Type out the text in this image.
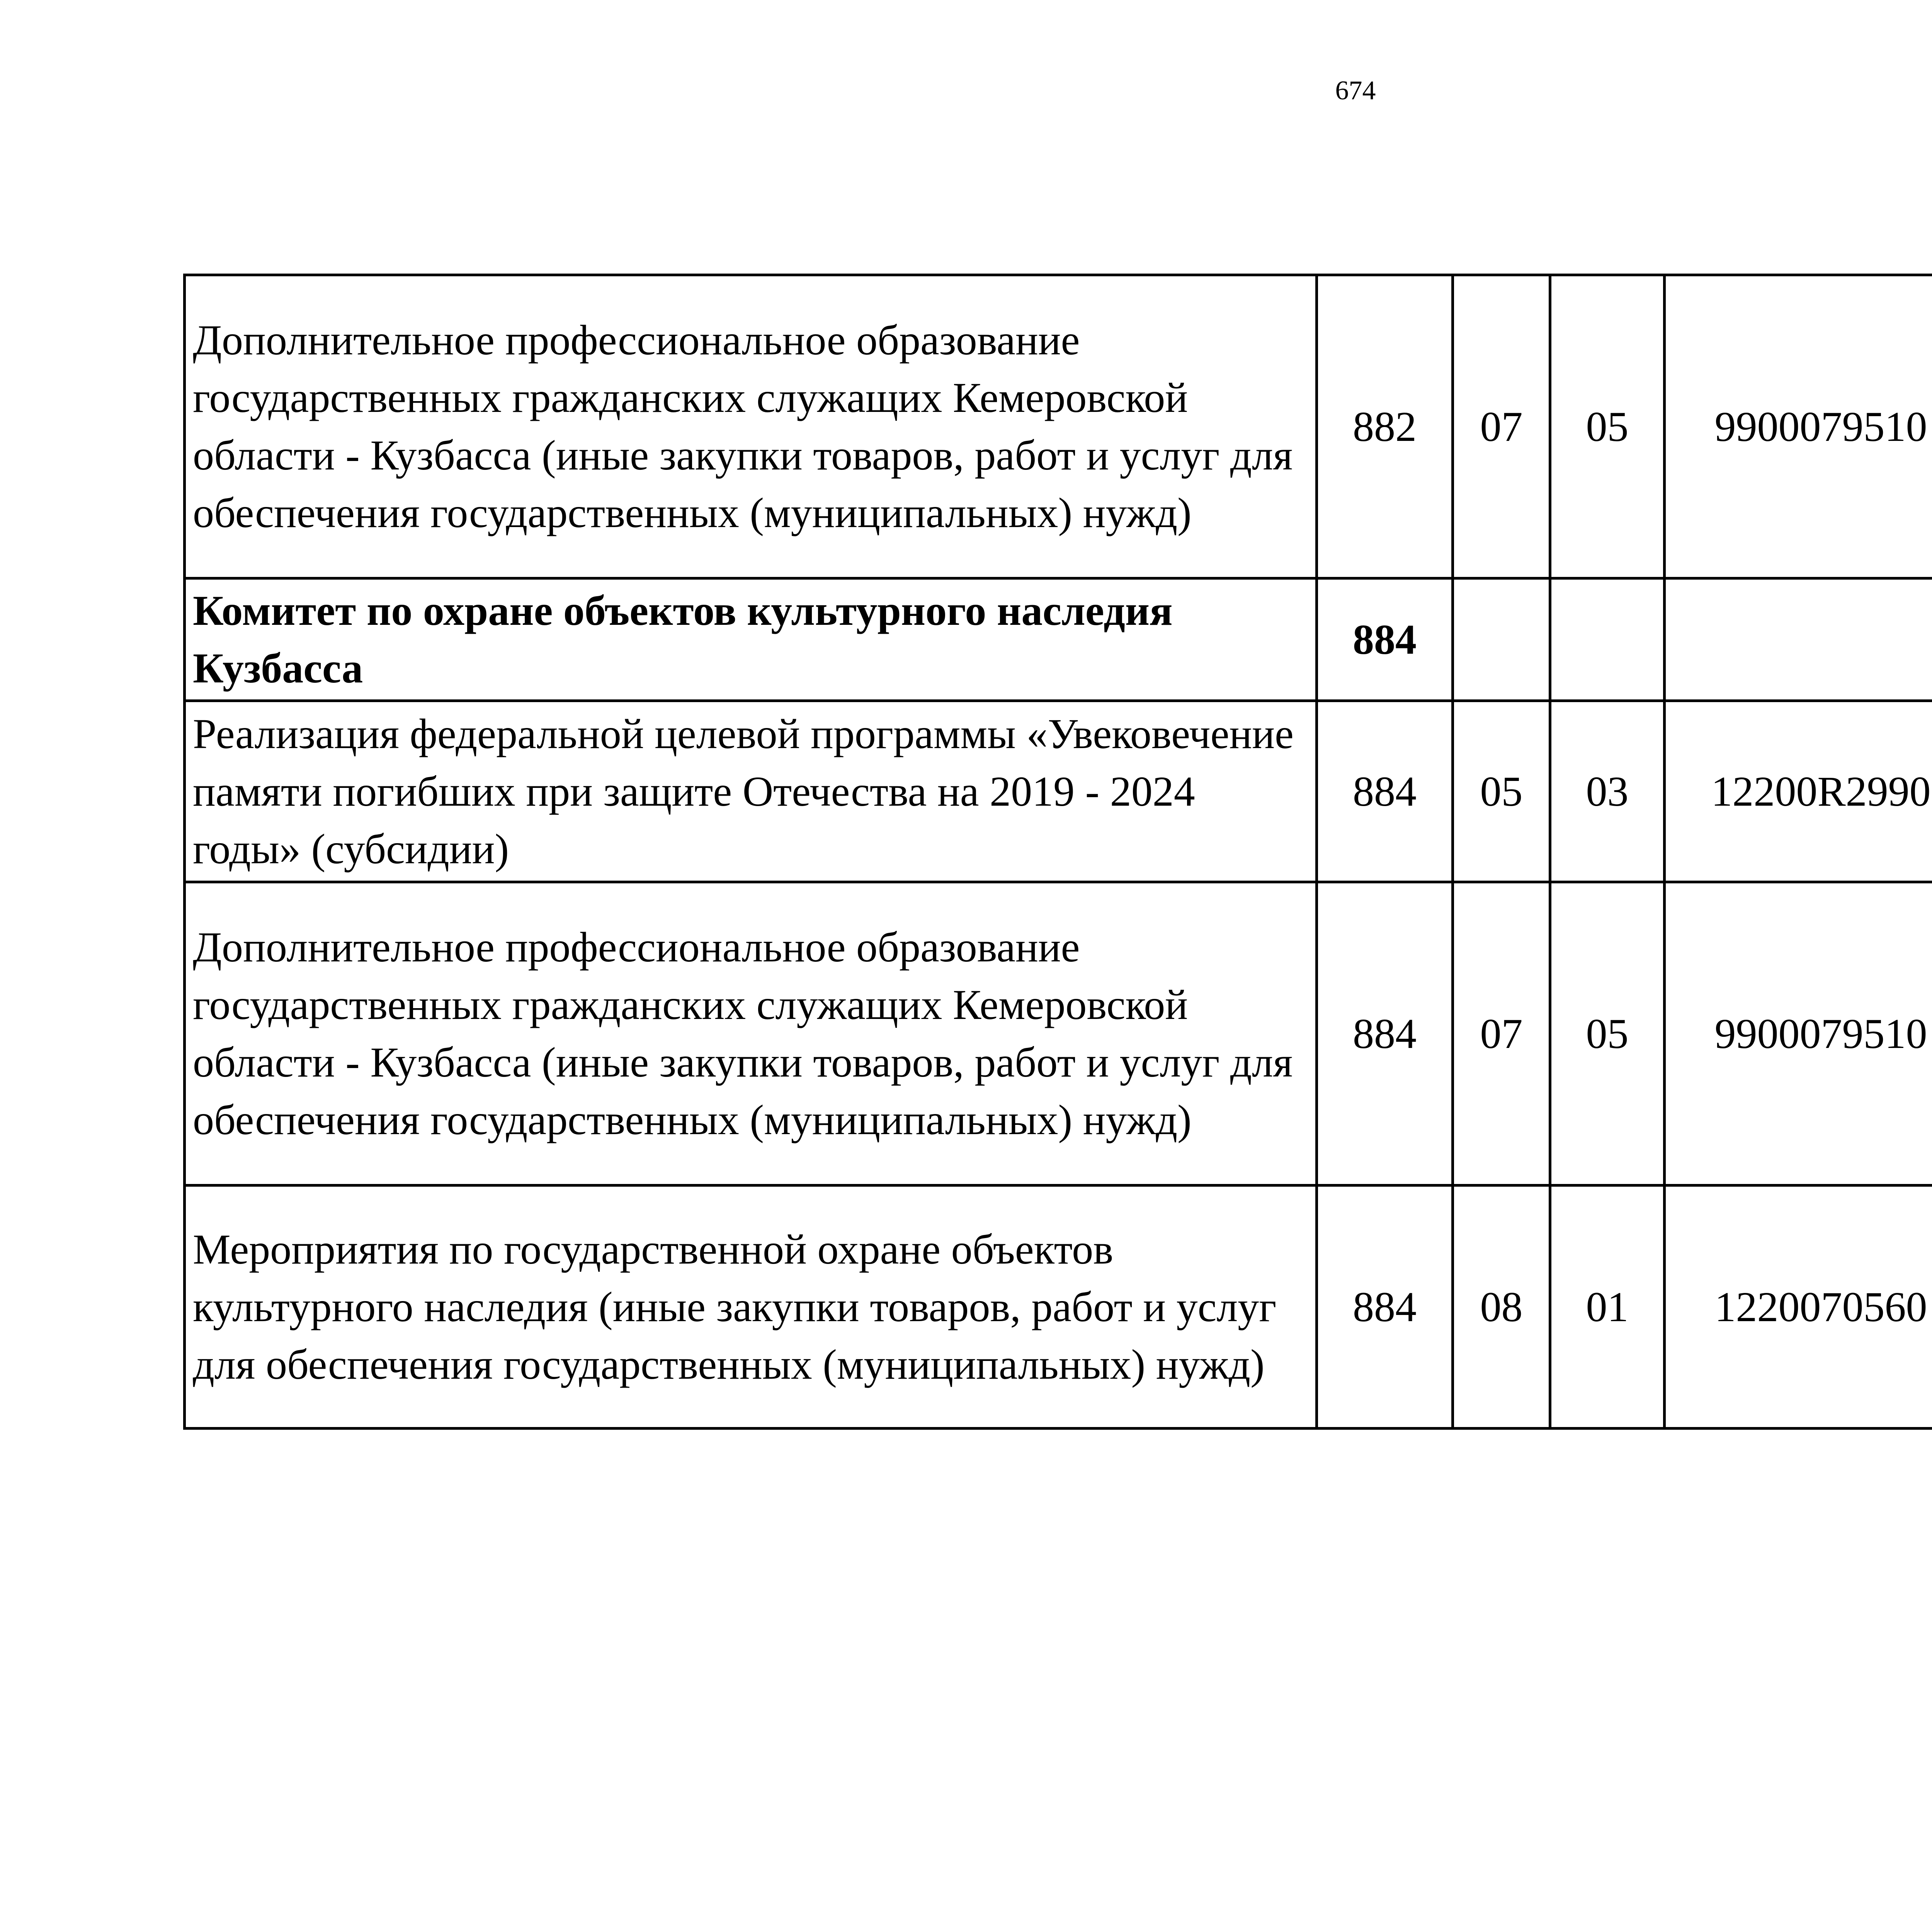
674
Дополнительное профессиональное образование государственных гражданских служащих Кемеровской области - Кузбасса (иные закупки товаров, работ и услуг для обеспечения государственных (муниципальных) нужд)	882	07	05	9900079510		
Комитет по охране объектов культурного наследия Кузбасса	884					
Реализация федеральной целевой программы «Увековечение памяти погибших при защите Отечества на 2019 - 2024 годы» (субсидии)	884	05	03	12200R2990		
Дополнительное профессиональное образование государственных гражданских служащих Кемеровской области - Кузбасса (иные закупки товаров, работ и услуг для обеспечения государственных (муниципальных) нужд)	884	07	05	9900079510		
Мероприятия по государственной охране объектов культурного наследия (иные закупки товаров, работ и услуг для обеспечения государственных (муниципальных) нужд)	884	08	01	1220070560		
